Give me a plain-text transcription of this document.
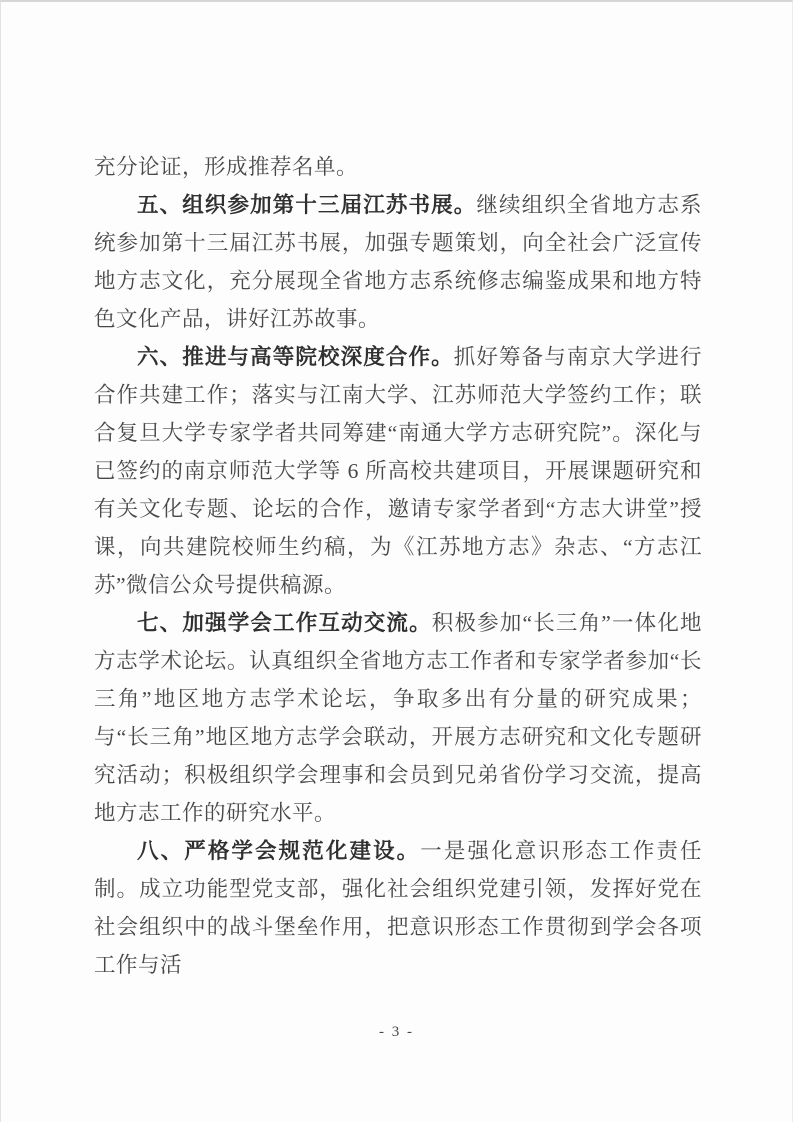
充分论证，形成推荐名单。

五、组织参加第十三届江苏书展。继续组织全省地方志系统参加第十三届江苏书展，加强专题策划，向全社会广泛宣传地方志文化，充分展现全省地方志系统修志编鉴成果和地方特色文化产品，讲好江苏故事。

六、推进与高等院校深度合作。抓好筹备与南京大学进行合作共建工作；落实与江南大学、江苏师范大学签约工作；联合复旦大学专家学者共同筹建“南通大学方志研究院”。深化与已签约的南京师范大学等 6 所高校共建项目，开展课题研究和有关文化专题、论坛的合作，邀请专家学者到“方志大讲堂”授课，向共建院校师生约稿，为《江苏地方志》杂志、“方志江苏”微信公众号提供稿源。

七、加强学会工作互动交流。积极参加“长三角”一体化地方志学术论坛。认真组织全省地方志工作者和专家学者参加“长三角”地区地方志学术论坛，争取多出有分量的研究成果；与“长三角”地区地方志学会联动，开展方志研究和文化专题研究活动；积极组织学会理事和会员到兄弟省份学习交流，提高地方志工作的研究水平。

八、严格学会规范化建设。一是强化意识形态工作责任制。成立功能型党支部，强化社会组织党建引领，发挥好党在社会组织中的战斗堡垒作用，把意识形态工作贯彻到学会各项工作与活

- 3 -
